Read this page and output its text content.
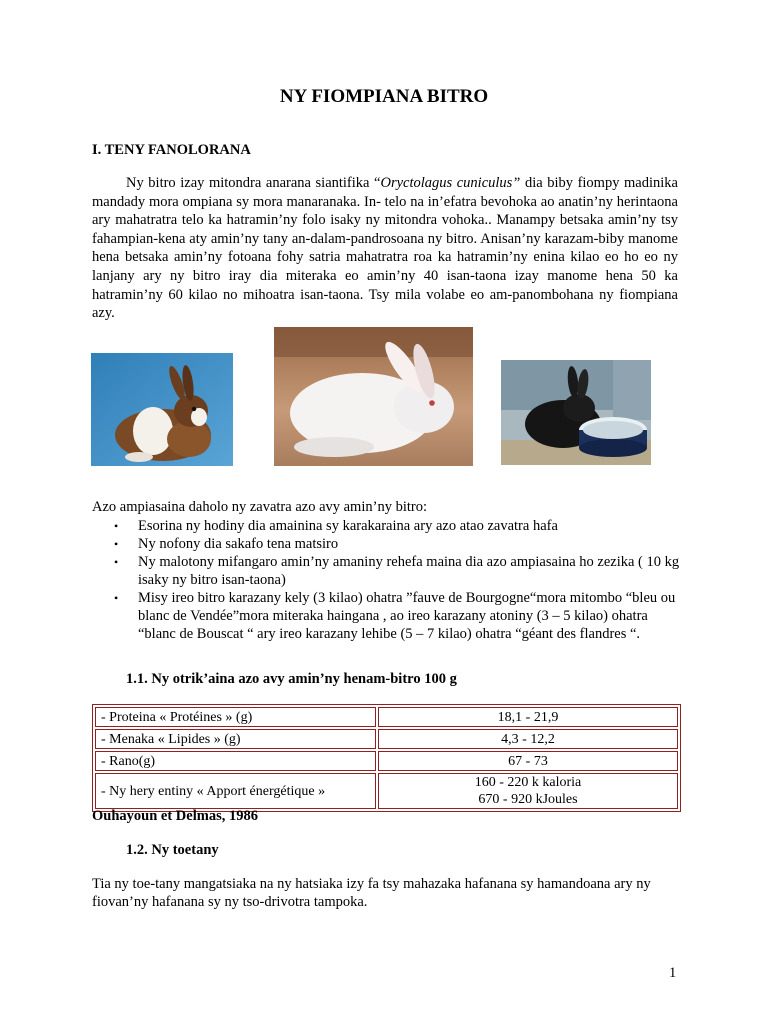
NY FIOMPIANA BITRO
I. TENY FANOLORANA
Ny bitro izay mitondra anarana siantifika “Oryctolagus cuniculus” dia biby fiompy madinika mandady mora ompiana sy mora manaranaka. In- telo na in’efatra bevohoka ao anatin’ny herintaona ary mahatratra telo ka hatramin’ny folo isaky ny mitondra vohoka.. Manampy betsaka amin’ny tsy fahampian-kena aty amin’ny tany an-dalam-pandrosoana ny bitro. Anisan’ny karazam-biby manome hena betsaka amin’ny fotoana fohy satria mahatratra roa ka hatramin’ny enina kilao eo ho eo ny lanjany ary ny bitro iray dia miteraka eo amin’ny 40 isan-taona izay manome hena 50 ka hatramin’ny 60 kilao no mihoatra isan-taona. Tsy mila volabe eo am-panombohana ny fiompiana azy.
Azo ampiasaina daholo ny zavatra azo avy amin’ny bitro:
• Esorina ny hodiny dia amainina sy karakaraina ary azo atao zavatra hafa
• Ny nofony dia sakafo tena matsiro
• Ny malotony mifangaro amin’ny amaniny rehefa maina dia azo ampiasaina ho zezika ( 10 kg isaky ny bitro isan-taona)
• Misy ireo bitro karazany kely (3 kilao) ohatra ”fauve de Bourgogne“mora mitombo “bleu ou blanc de Vendée”mora miteraka haingana , ao ireo karazany atoniny (3 – 5 kilao) ohatra “blanc de Bouscat “ ary ireo karazany lehibe (5 – 7 kilao) ohatra “géant des flandres “.
1.1. Ny otrik’aina azo avy amin’ny henam-bitro 100 g
- Proteina « Protéines » (g)	18,1 - 21,9
- Menaka « Lipides » (g)	4,3 - 12,2
- Rano(g)	67 - 73
- Ny hery entiny « Apport énergétique »	160 - 220 k kaloria
670 - 920 kJoules
Ouhayoun et Delmas, 1986
1.2. Ny toetany
Tia ny toe-tany mangatsiaka na ny hatsiaka izy fa tsy mahazaka hafanana sy hamandoana ary ny fiovan’ny hafanana sy ny tso-drivotra tampoka.
1
